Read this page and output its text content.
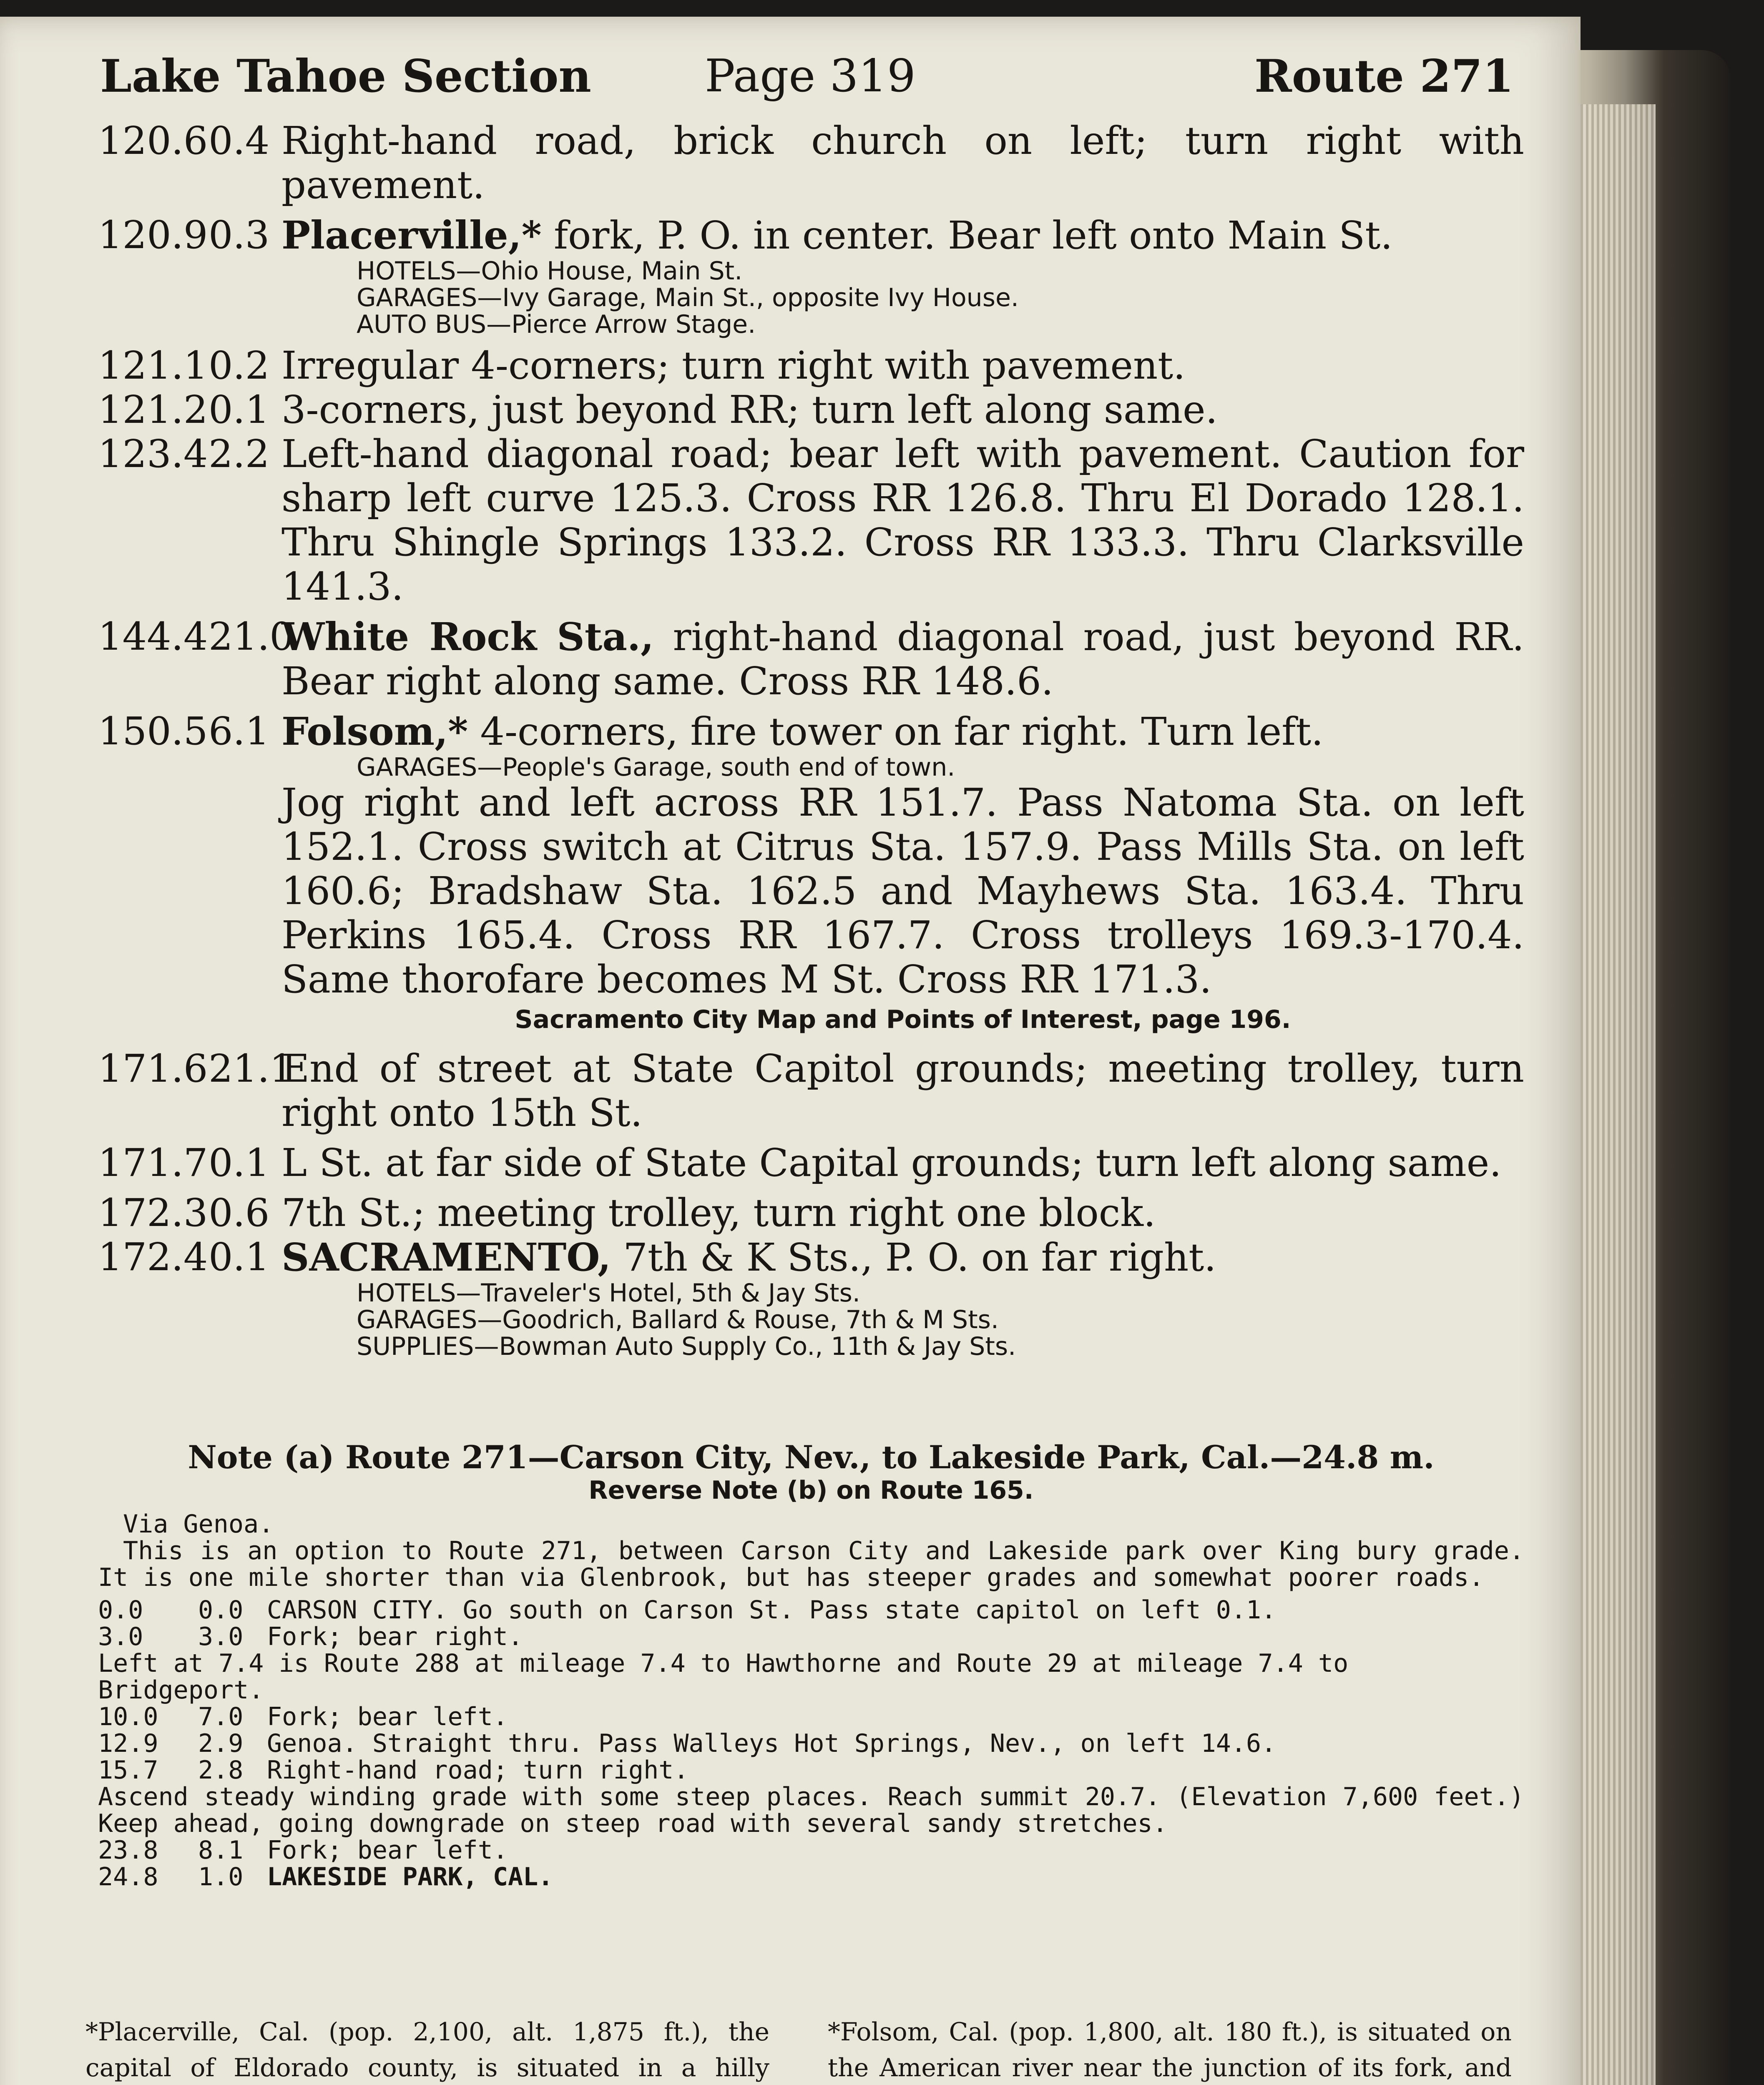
Lake Tahoe Section	Page 319	Route 271
120.6 0.4 Right-hand road, brick church on left; turn right with pavement.
120.9 0.3 Placerville,* fork, P. O. in center. Bear left onto Main St.
HOTELS—Ohio House, Main St.
GARAGES—Ivy Garage, Main St., opposite Ivy House.
AUTO BUS—Pierce Arrow Stage.
121.1 0.2 Irregular 4-corners; turn right with pavement.
121.2 0.1 3-corners, just beyond RR; turn left along same.
123.4 2.2 Left-hand diagonal road; bear left with pavement. Caution for sharp left curve 125.3. Cross RR 126.8. Thru El Dorado 128.1. Thru Shingle Springs 133.2. Cross RR 133.3. Thru Clarksville 141.3.
144.4 21.0
White Rock Sta., right-hand diagonal road, just beyond RR. Bear right along same. Cross RR 148.6.
150.5 6.1 Folsom,* 4-corners, fire tower on far right. Turn left.
GARAGES—People's Garage, south end of town.
Jog right and left across RR 151.7. Pass Natoma Sta. on left 152.1. Cross switch at Citrus Sta. 157.9. Pass Mills Sta. on left 160.6; Bradshaw Sta. 162.5 and Mayhews Sta. 163.4. Thru Perkins 165.4. Cross RR 167.7. Cross trolleys 169.3-170.4. Same thorofare becomes M St. Cross RR 171.3.
Sacramento City Map and Points of Interest, page 196.
171.6 21.1
End of street at State Capitol grounds; meeting trolley, turn right onto 15th St.
171.7 0.1 L St. at far side of State Capital grounds; turn left along same.
172.3 0.6 7th St.; meeting trolley, turn right one block.
172.4 0.1 SACRAMENTO, 7th & K Sts., P. O. on far right.
HOTELS—Traveler's Hotel, 5th & Jay Sts.
GARAGES—Goodrich, Ballard & Rouse, 7th & M Sts.
SUPPLIES—Bowman Auto Supply Co., 11th & Jay Sts.
Note (a) Route 271—Carson City, Nev., to Lakeside Park, Cal.—24.8 m.
Reverse Note (b) on Route 165.

Via Genoa.

This is an option to Route 271, between Carson City and Lakeside park over King bury grade. It is one mile shorter than via Glenbrook, but has steeper grades and somewhat poorer roads.

0.0	0.0 CARSON CITY. Go south on Carson St. Pass state capitol on left 0.1.
3.0	3.0 Fork; bear right.

Left at 7.4 is Route 288 at mileage 7.4 to Hawthorne and Route 29 at mileage 7.4 to Bridgeport.

10.0	7.0 Fork; bear left.
12.9	2.9 Genoa. Straight thru. Pass Walleys Hot Springs, Nev., on left 14.6.
15.7	2.8 Right-hand road; turn right.

Ascend steady winding grade with some steep places. Reach summit 20.7. (Elevation 7,600 feet.) Keep ahead, going downgrade on steep road with several sandy stretches.

23.8	8.1 Fork; bear left.
24.8	1.0 LAKESIDE PARK, CAL.
*Placerville, Cal. (pop. 2,100, alt. 1,875 ft.), the capital of Eldorado county, is situated in a hilly
*Folsom, Cal. (pop. 1,800, alt. 180 ft.), is situated on the American river near the junction of its fork, and
